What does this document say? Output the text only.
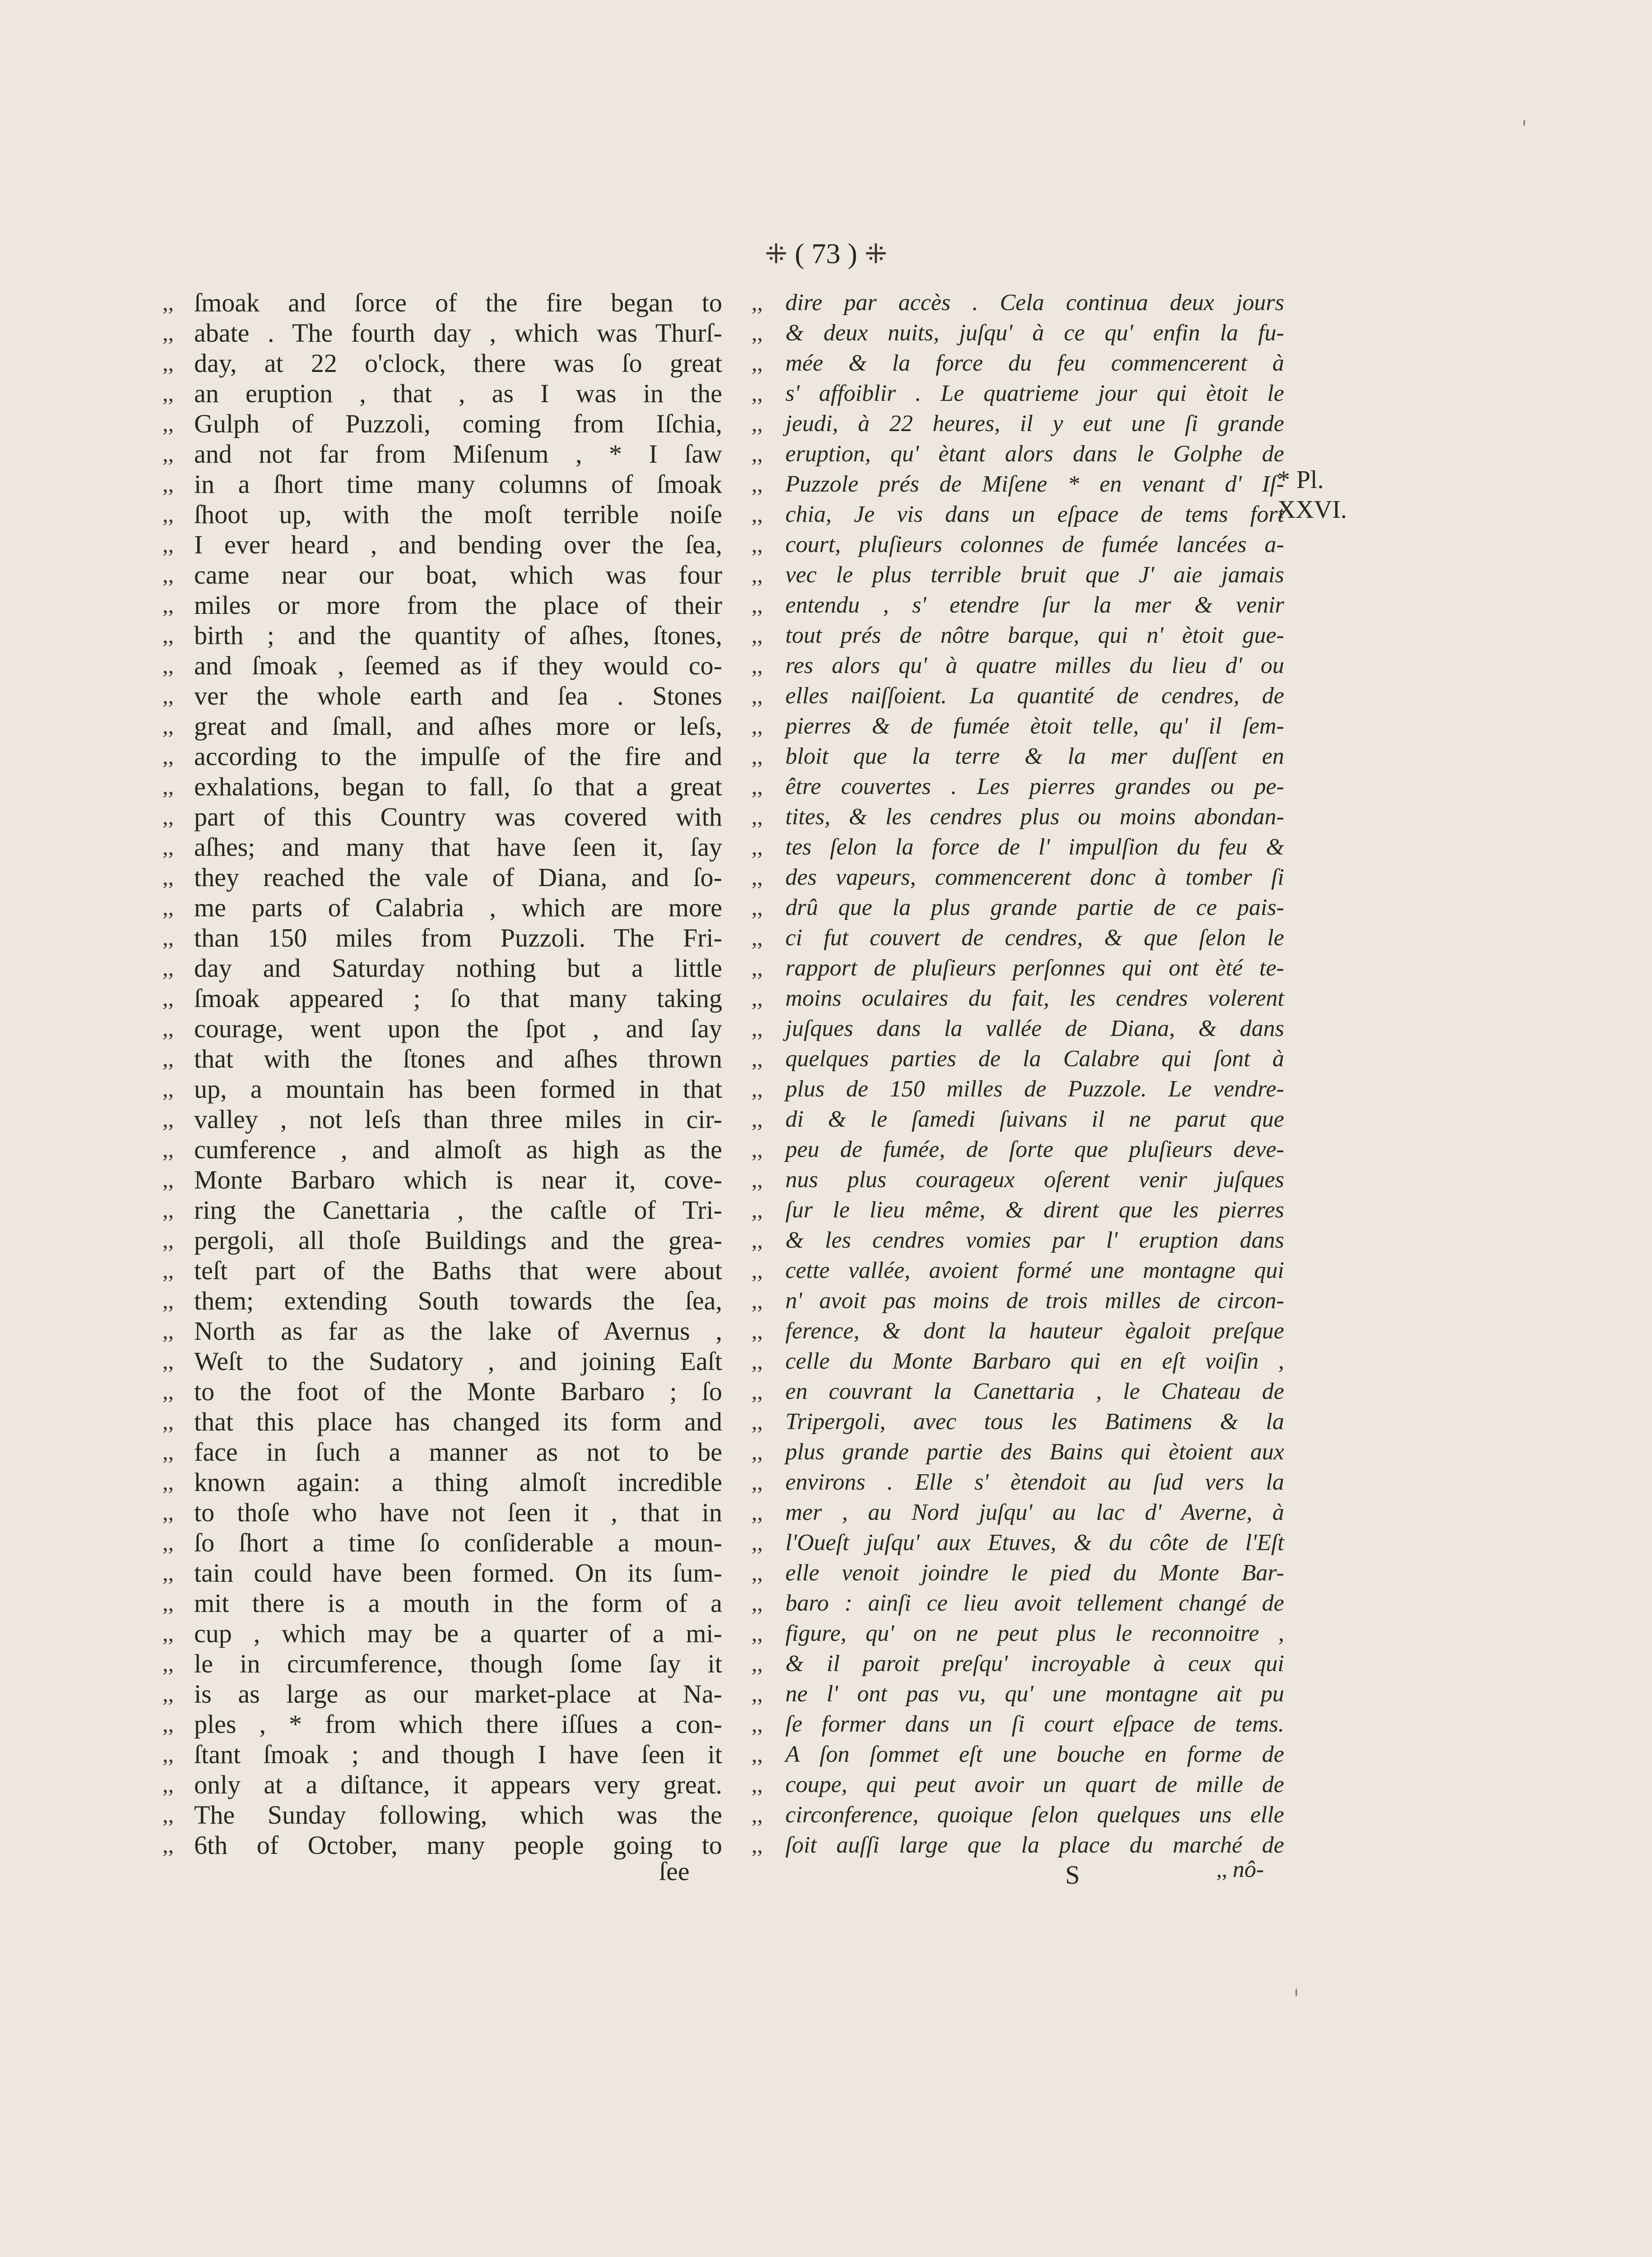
⁜ ( 73 ) ⁜
,, ſmoak and ſorce of the fire began to
,, abate . The fourth day , which was Thurſ-
,, day, at 22 o'clock, there was ſo great
,, an eruption , that , as I was in the
,, Gulph of Puzzoli, coming from Iſchia,
,, and not far from Miſenum , * I ſaw
,, in a ſhort time many columns of ſmoak
,, ſhoot up, with the moſt terrible noiſe
,, I ever heard , and bending over the ſea,
,, came near our boat, which was four
,, miles or more from the place of their
,, birth ; and the quantity of aſhes, ſtones,
,, and ſmoak , ſeemed as if they would co-
,, ver the whole earth and ſea . Stones
,, great and ſmall, and aſhes more or leſs,
,, according to the impulſe of the fire and
,, exhalations, began to fall, ſo that a great
,, part of this Country was covered with
,, aſhes; and many that have ſeen it, ſay
,, they reached the vale of Diana, and ſo-
,, me parts of Calabria , which are more
,, than 150 miles from Puzzoli. The Fri-
,, day and Saturday nothing but a little
,, ſmoak appeared ; ſo that many taking
,, courage, went upon the ſpot , and ſay
,, that with the ſtones and aſhes thrown
,, up, a mountain has been formed in that
,, valley , not leſs than three miles in cir-
,, cumference , and almoſt as high as the
,, Monte Barbaro which is near it, cove-
,, ring the Canettaria , the caſtle of Tri-
,, pergoli, all thoſe Buildings and the grea-
,, teſt part of the Baths that were about
,, them; extending South towards the ſea,
,, North as far as the lake of Avernus ,
,, Weſt to the Sudatory , and joining Eaſt
,, to the foot of the Monte Barbaro ; ſo
,, that this place has changed its form and
,, face in ſuch a manner as not to be
,, known again: a thing almoſt incredible
,, to thoſe who have not ſeen it , that in
,, ſo ſhort a time ſo conſiderable a moun-
,, tain could have been formed. On its ſum-
,, mit there is a mouth in the form of a
,, cup , which may be a quarter of a mi-
,, le in circumference, though ſome ſay it
,, is as large as our market-place at Na-
,, ples , * from which there iſſues a con-
,, ſtant ſmoak ; and though I have ſeen it
,, only at a diſtance, it appears very great.
,, The Sunday following, which was the
,, 6th of October, many people going to
,, dire par accès . Cela continua deux jours
,, & deux nuits, juſqu' à ce qu' enfin la fu-
,, mée & la force du feu commencerent à
,, s' affoiblir . Le quatrieme jour qui ètoit le
,, jeudi, à 22 heures, il y eut une ſi grande
,, eruption, qu' ètant alors dans le Golphe de
,, Puzzole prés de Miſene * en venant d' Iſ-
,, chia, Je vis dans un eſpace de tems fort
,, court, pluſieurs colonnes de fumée lancées a-
,, vec le plus terrible bruit que J' aie jamais
,, entendu , s' etendre ſur la mer & venir
,, tout prés de nôtre barque, qui n' ètoit gue-
,, res alors qu' à quatre milles du lieu d' ou
,, elles naiſſoient. La quantité de cendres, de
,, pierres & de fumée ètoit telle, qu' il ſem-
,, bloit que la terre & la mer duſſent en
,, être couvertes . Les pierres grandes ou pe-
,, tites, & les cendres plus ou moins abondan-
,, tes ſelon la force de l' impulſion du feu &
,, des vapeurs, commencerent donc à tomber ſi
,, drû que la plus grande partie de ce pais-
,, ci fut couvert de cendres, & que ſelon le
,, rapport de pluſieurs perſonnes qui ont èté te-
,, moins oculaires du fait, les cendres volerent
,, juſques dans la vallée de Diana, & dans
,, quelques parties de la Calabre qui ſont à
,, plus de 150 milles de Puzzole. Le vendre-
,, di & le ſamedi ſuivans il ne parut que
,, peu de fumée, de ſorte que pluſieurs deve-
,, nus plus courageux oſerent venir juſques
,, ſur le lieu même, & dirent que les pierres
,, & les cendres vomies par l' eruption dans
,, cette vallée, avoient formé une montagne qui
,, n' avoit pas moins de trois milles de circon-
,, ference, & dont la hauteur ègaloit preſque
,, celle du Monte Barbaro qui en eſt voiſin ,
,, en couvrant la Canettaria , le Chateau de
,, Tripergoli, avec tous les Batimens & la
,, plus grande partie des Bains qui ètoient aux
,, environs . Elle s' ètendoit au ſud vers la
,, mer , au Nord juſqu' au lac d' Averne, à
,, l'Oueſt juſqu' aux Etuves, & du côte de l'Eſt
,, elle venoit joindre le pied du Monte Bar-
,, baro : ainſi ce lieu avoit tellement changé de
,, figure, qu' on ne peut plus le reconnoitre ,
,, & il paroit preſqu' incroyable à ceux qui
,, ne l' ont pas vu, qu' une montagne ait pu
,, ſe former dans un ſi court eſpace de tems.
,, A ſon ſommet eſt une bouche en forme de
,, coupe, qui peut avoir un quart de mille de
,, circonference, quoique ſelon quelques uns elle
,, ſoit auſſi large que la place du marché de
ſee	S	,, nô-
* Pl.
XXVI.
